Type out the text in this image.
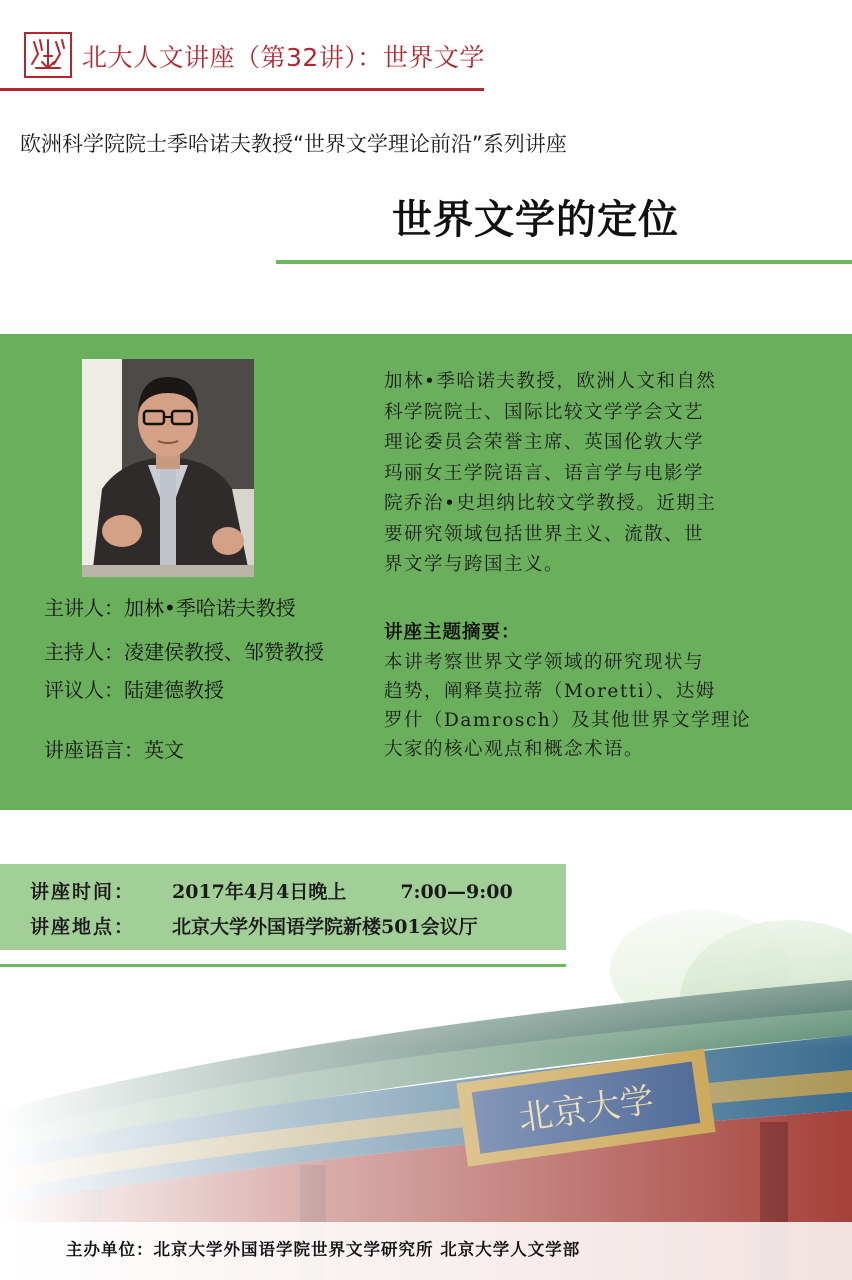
北大人文讲座（第32讲）：世界文学
欧洲科学院院士季哈诺夫教授“世界文学理论前沿”系列讲座
世界文学的定位
主讲人：加林•季哈诺夫教授
主持人：凌建侯教授、邹赞教授
评议人：陆建德教授
讲座语言：英文
加林•季哈诺夫教授，欧洲人文和自然
科学院院士、国际比较文学学会文艺
理论委员会荣誉主席、英国伦敦大学
玛丽女王学院语言、语言学与电影学
院乔治•史坦纳比较文学教授。近期主
要研究领域包括世界主义、流散、世
界文学与跨国主义。
讲座主题摘要：
本讲考察世界文学领域的研究现状与
趋势，阐释莫拉蒂（Moretti）、达姆
罗什（Damrosch）及其他世界文学理论
大家的核心观点和概念术语。
讲座时间： 2017年4月4日晚上	7:00—9:00
讲座地点： 北京大学外国语学院新楼501会议厅
主办单位：北京大学外国语学院世界文学研究所 北京大学人文学部
